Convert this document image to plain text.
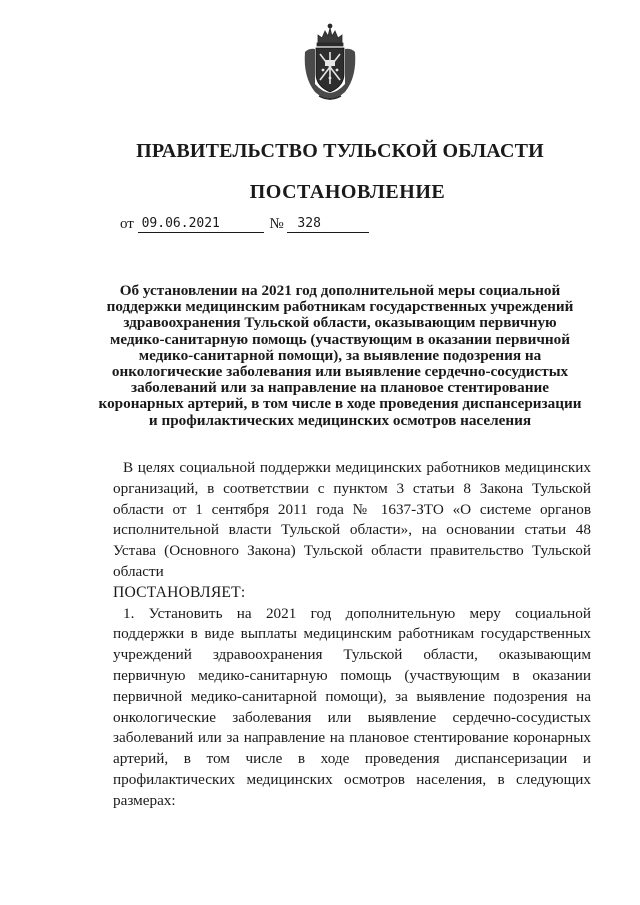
ПРАВИТЕЛЬСТВО ТУЛЬСКОЙ ОБЛАСТИ
ПОСТАНОВЛЕНИЕ
от 09.06.2021	№ 328
Об установлении на 2021 год дополнительной меры социальной
поддержки медицинским работникам государственных учреждений
здравоохранения Тульской области, оказывающим первичную
медико-санитарную помощь (участвующим в оказании первичной
медико-санитарной помощи), за выявление подозрения на
онкологические заболевания или выявление сердечно-сосудистых
заболеваний или за направление на плановое стентирование
коронарных артерий, в том числе в ходе проведения диспансеризации
и профилактических медицинских осмотров населения

В целях социальной поддержки медицинских работников медицинских организаций, в соответствии с пунктом 3 статьи 8 Закона Тульской области от 1 сентября 2011 года № 1637-ЗТО «О системе органов исполнительной власти Тульской области», на основании статьи 48 Устава (Основного Закона) Тульской области правительство Тульской области

ПОСТАНОВЛЯЕТ:

1. Установить на 2021 год дополнительную меру социальной поддержки в виде выплаты медицинским работникам государственных учреждений здравоохранения Тульской области, оказывающим первичную медико-санитарную помощь (участвующим в оказании первичной медико-санитарной помощи), за выявление подозрения на онкологические заболевания или выявление сердечно-сосудистых заболеваний или за направление на плановое стентирование коронарных артерий, в том числе в ходе проведения диспансеризации и профилактических медицинских осмотров населения, в следующих размерах:
